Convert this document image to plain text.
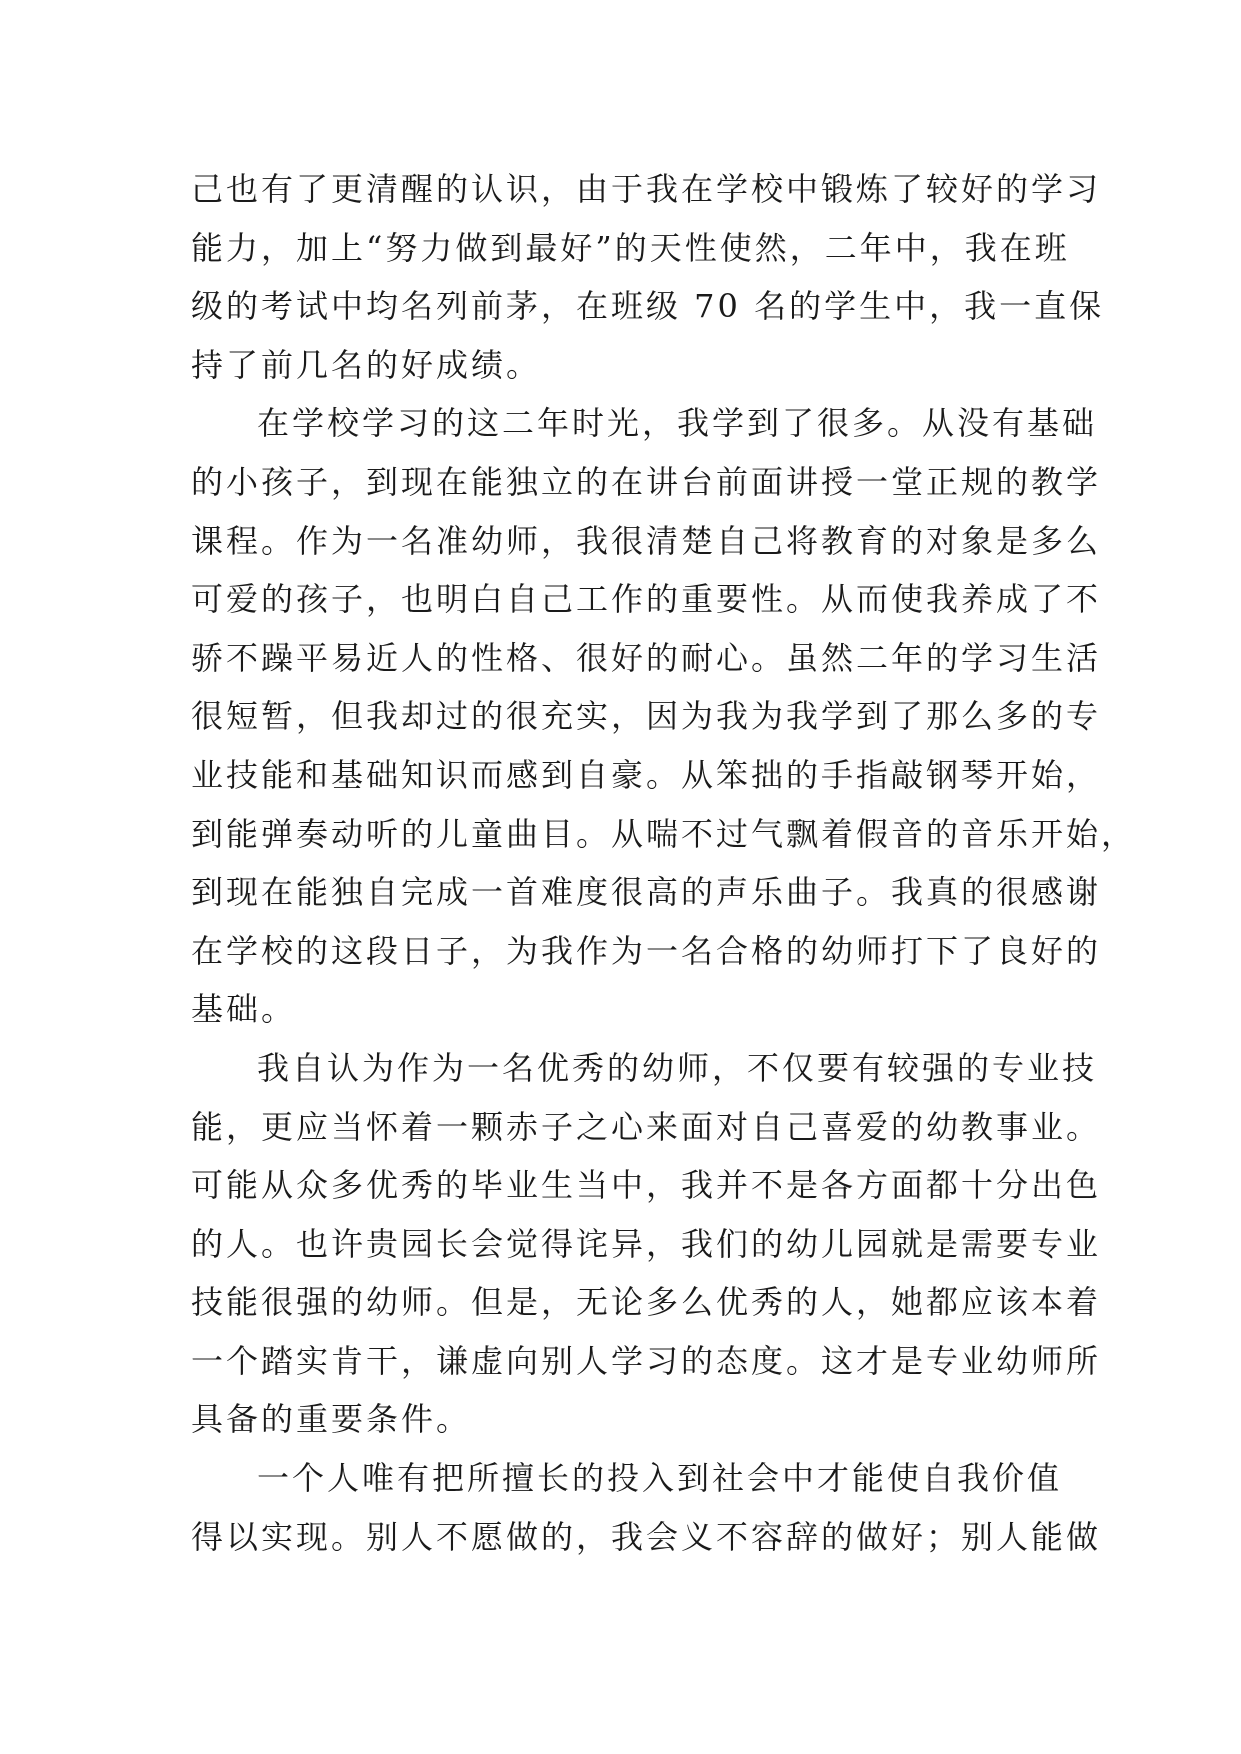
己也有了更清醒的认识，由于我在学校中锻炼了较好的学习
能力，加上“努力做到最好”的天性使然，二年中，我在班
级的考试中均名列前茅，在班级 70 名的学生中，我一直保
持了前几名的好成绩。
在学校学习的这二年时光，我学到了很多。从没有基础
的小孩子，到现在能独立的在讲台前面讲授一堂正规的教学
课程。作为一名准幼师，我很清楚自己将教育的对象是多么
可爱的孩子，也明白自己工作的重要性。从而使我养成了不
骄不躁平易近人的性格、很好的耐心。虽然二年的学习生活
很短暂，但我却过的很充实，因为我为我学到了那么多的专
业技能和基础知识而感到自豪。从笨拙的手指敲钢琴开始，
到能弹奏动听的儿童曲目。从喘不过气飘着假音的音乐开始，
到现在能独自完成一首难度很高的声乐曲子。我真的很感谢
在学校的这段日子，为我作为一名合格的幼师打下了良好的
基础。
我自认为作为一名优秀的幼师，不仅要有较强的专业技
能，更应当怀着一颗赤子之心来面对自己喜爱的幼教事业。
可能从众多优秀的毕业生当中，我并不是各方面都十分出色
的人。也许贵园长会觉得诧异，我们的幼儿园就是需要专业
技能很强的幼师。但是，无论多么优秀的人，她都应该本着
一个踏实肯干，谦虚向别人学习的态度。这才是专业幼师所
具备的重要条件。
一个人唯有把所擅长的投入到社会中才能使自我价值
得以实现。别人不愿做的，我会义不容辞的做好；别人能做
